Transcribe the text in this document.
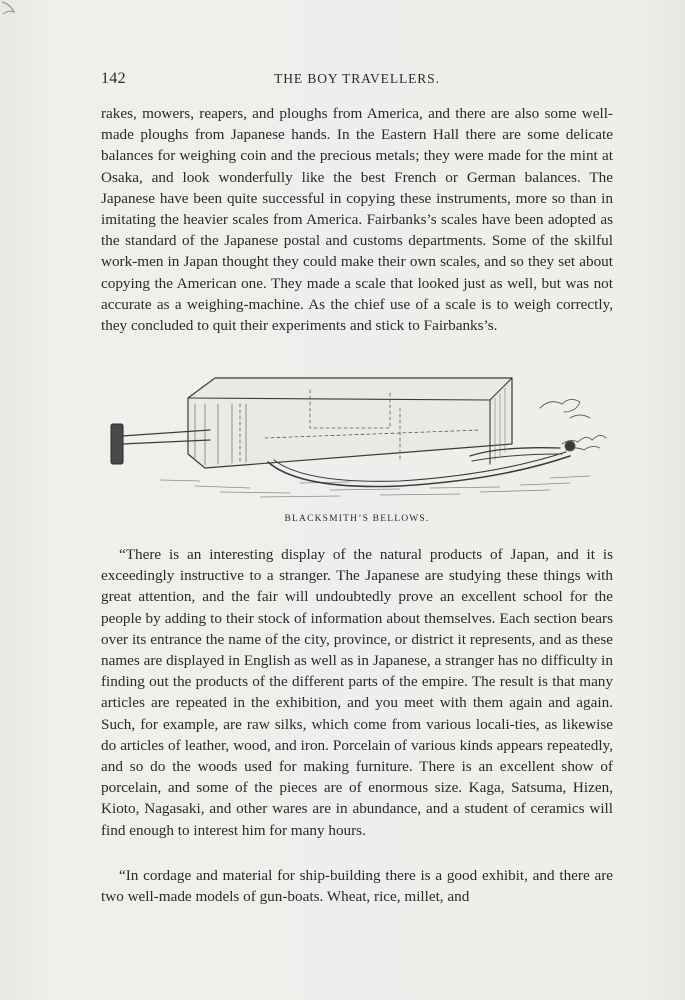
142	THE BOY TRAVELLERS.

rakes, mowers, reapers, and ploughs from America, and there are also some well-made ploughs from Japanese hands. In the Eastern Hall there are some delicate balances for weighing coin and the precious metals; they were made for the mint at Osaka, and look wonderfully like the best French or German balances. The Japanese have been quite successful in copying these instruments, more so than in imitating the heavier scales from America. Fairbanks’s scales have been adopted as the standard of the Japanese postal and customs departments. Some of the skilful work-men in Japan thought they could make their own scales, and so they set about copying the American one. They made a scale that looked just as well, but was not accurate as a weighing-machine. As the chief use of a scale is to weigh correctly, they concluded to quit their experiments and stick to Fairbanks’s.

BLACKSMITH’S BELLOWS.

“There is an interesting display of the natural products of Japan, and it is exceedingly instructive to a stranger. The Japanese are studying these things with great attention, and the fair will undoubtedly prove an excellent school for the people by adding to their stock of information about themselves. Each section bears over its entrance the name of the city, province, or district it represents, and as these names are displayed in English as well as in Japanese, a stranger has no difficulty in finding out the products of the different parts of the empire. The result is that many articles are repeated in the exhibition, and you meet with them again and again. Such, for example, are raw silks, which come from various locali-ties, as likewise do articles of leather, wood, and iron. Porcelain of various kinds appears repeatedly, and so do the woods used for making furniture. There is an excellent show of porcelain, and some of the pieces are of enormous size. Kaga, Satsuma, Hizen, Kioto, Nagasaki, and other wares are in abundance, and a student of ceramics will find enough to interest him for many hours.

“In cordage and material for ship-building there is a good exhibit, and there are two well-made models of gun-boats. Wheat, rice, millet, and
